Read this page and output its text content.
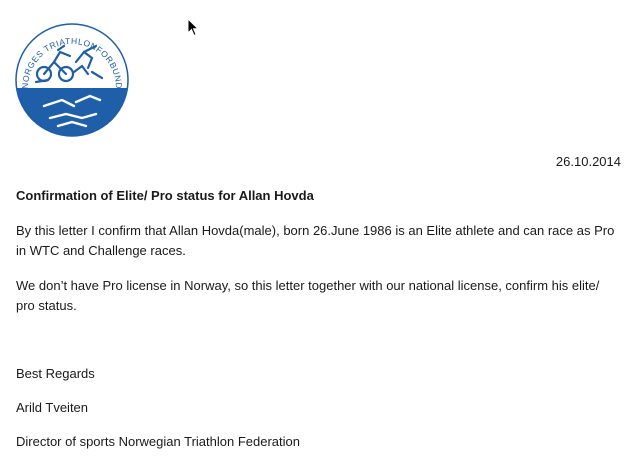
NORGES TRIATHLONFORBUND
26.10.2014
Confirmation of Elite/ Pro status for Allan Hovda
By this letter I confirm that Allan Hovda(male), born 26.June 1986 is an Elite athlete and can race as Pro in WTC and Challenge races.
We don’t have Pro license in Norway, so this letter together with our national license, confirm his elite/ pro status.
Best Regards
Arild Tveiten
Director of sports Norwegian Triathlon Federation
